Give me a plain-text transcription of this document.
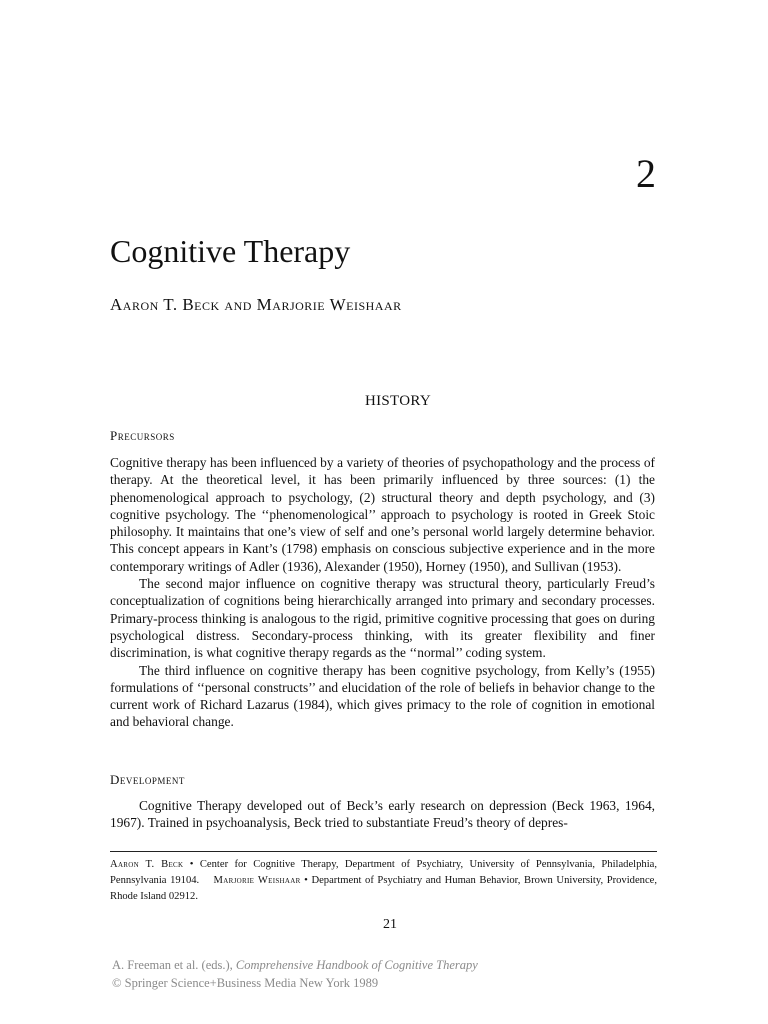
2
Cognitive Therapy
Aaron T. Beck and Marjorie Weishaar
HISTORY
Precursors

Cognitive therapy has been influenced by a variety of theories of psychopathology and the process of therapy. At the theoretical level, it has been primarily influenced by three sources: (1) the phenomenological approach to psychology, (2) structural theory and depth psychology, and (3) cognitive psychology. The ‘‘phenomenological’’ approach to psychology is rooted in Greek Stoic philosophy. It maintains that one’s view of self and one’s personal world largely determine behavior. This concept appears in Kant’s (1798) emphasis on conscious subjective experience and in the more contemporary writings of Adler (1936), Alexander (1950), Horney (1950), and Sullivan (1953).

The second major influence on cognitive therapy was structural theory, particularly Freud’s conceptualization of cognitions being hierarchically arranged into primary and secondary processes. Primary-process thinking is analogous to the rigid, primitive cognitive processing that goes on during psychological distress. Secondary-process thinking, with its greater flexibility and finer discrimination, is what cognitive therapy regards as the ‘‘normal’’ coding system.

The third influence on cognitive therapy has been cognitive psychology, from Kelly’s (1955) formulations of ‘‘personal constructs’’ and elucidation of the role of beliefs in behavior change to the current work of Richard Lazarus (1984), which gives primacy to the role of cognition in emotional and behavioral change.

Development

Cognitive Therapy developed out of Beck’s early research on depression (Beck 1963, 1964, 1967). Trained in psychoanalysis, Beck tried to substantiate Freud’s theory of depres-

Aaron T. Beck • Center for Cognitive Therapy, Department of Psychiatry, University of Pennsylvania, Philadelphia, Pennsylvania 19104. Marjorie Weishaar • Department of Psychiatry and Human Behavior, Brown University, Providence, Rhode Island 02912.
21
A. Freeman et al. (eds.), Comprehensive Handbook of Cognitive Therapy
© Springer Science+Business Media New York 1989
